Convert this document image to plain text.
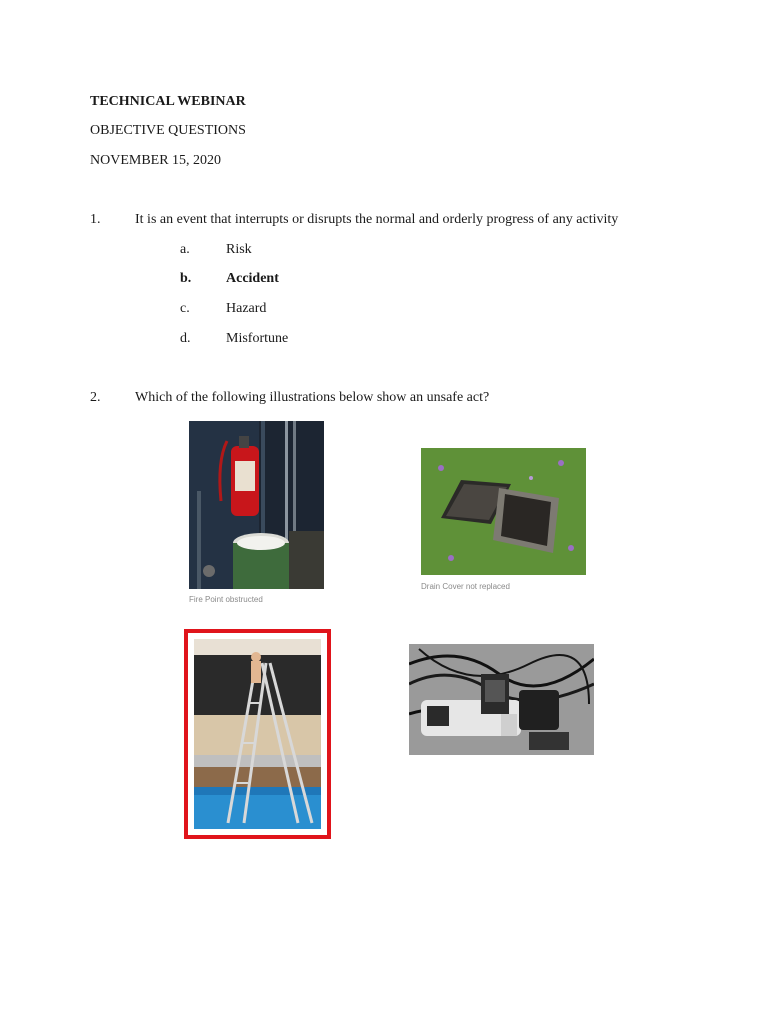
TECHNICAL WEBINAR
OBJECTIVE QUESTIONS
NOVEMBER 15, 2020
1. It is an event that interrupts or disrupts the normal and orderly progress of any activity
a.	Risk
b. Accident
c.	Hazard
d.	Misfortune
2. Which of the following illustrations below show an unsafe act?
Fire Point obstructed
Drain Cover not replaced
